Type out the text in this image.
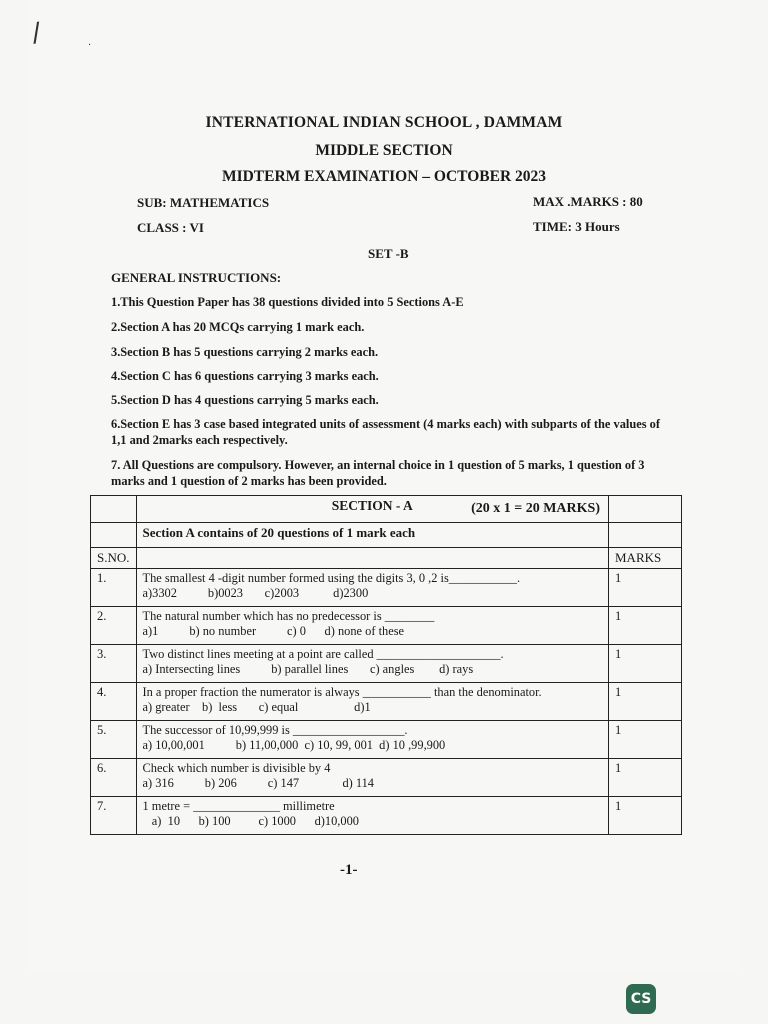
/	·
INTERNATIONAL INDIAN SCHOOL , DAMMAM
MIDDLE SECTION
MIDTERM EXAMINATION – OCTOBER 2023
SUB: MATHEMATICS	MAX .MARKS : 80
CLASS : VI	TIME: 3 Hours
SET -B
GENERAL INSTRUCTIONS:
1.This Question Paper has 38 questions divided into 5 Sections A-E
2.Section A has 20 MCQs carrying 1 mark each.
3.Section B has 5 questions carrying 2 marks each.
4.Section C has 6 questions carrying 3 marks each.
5.Section D has 4 questions carrying 5 marks each.
6.Section E has 3 case based integrated units of assessment (4 marks each) with subparts of the values of 1,1 and 2marks each respectively.
7. All Questions are compulsory. However, an internal choice in 1 question of 5 marks, 1 question of 3 marks and 1 question of 2 marks has been provided.
	SECTION - A (20 x 1 = 20 MARKS)	

	Section A contains of 20 questions of 1 mark each	
S.NO.		MARKS
1.	The smallest 4 -digit number formed using the digits 3, 0 ,2 is___________.
a)3302          b)0023       c)2003           d)2300	1
2.	The natural number which has no predecessor is ________
a)1          b) no number          c) 0      d) none of these	1
3.	Two distinct lines meeting at a point are called ____________________.
a) Intersecting lines          b) parallel lines       c) angles        d) rays	1
4.	In a proper fraction the numerator is always ___________ than the denominator.
a) greater    b)  less       c) equal                  d)1	1
5.	The successor of 10,99,999 is __________________.
a) 10,00,001          b) 11,00,000  c) 10, 99, 001  d) 10 ,99,900	1
6.	Check which number is divisible by 4
a) 316          b) 206          c) 147              d) 114	1
7.	1 metre = ______________ millimetre
a)  10      b) 100         c) 1000      d)10,000	1
-1-
CS
